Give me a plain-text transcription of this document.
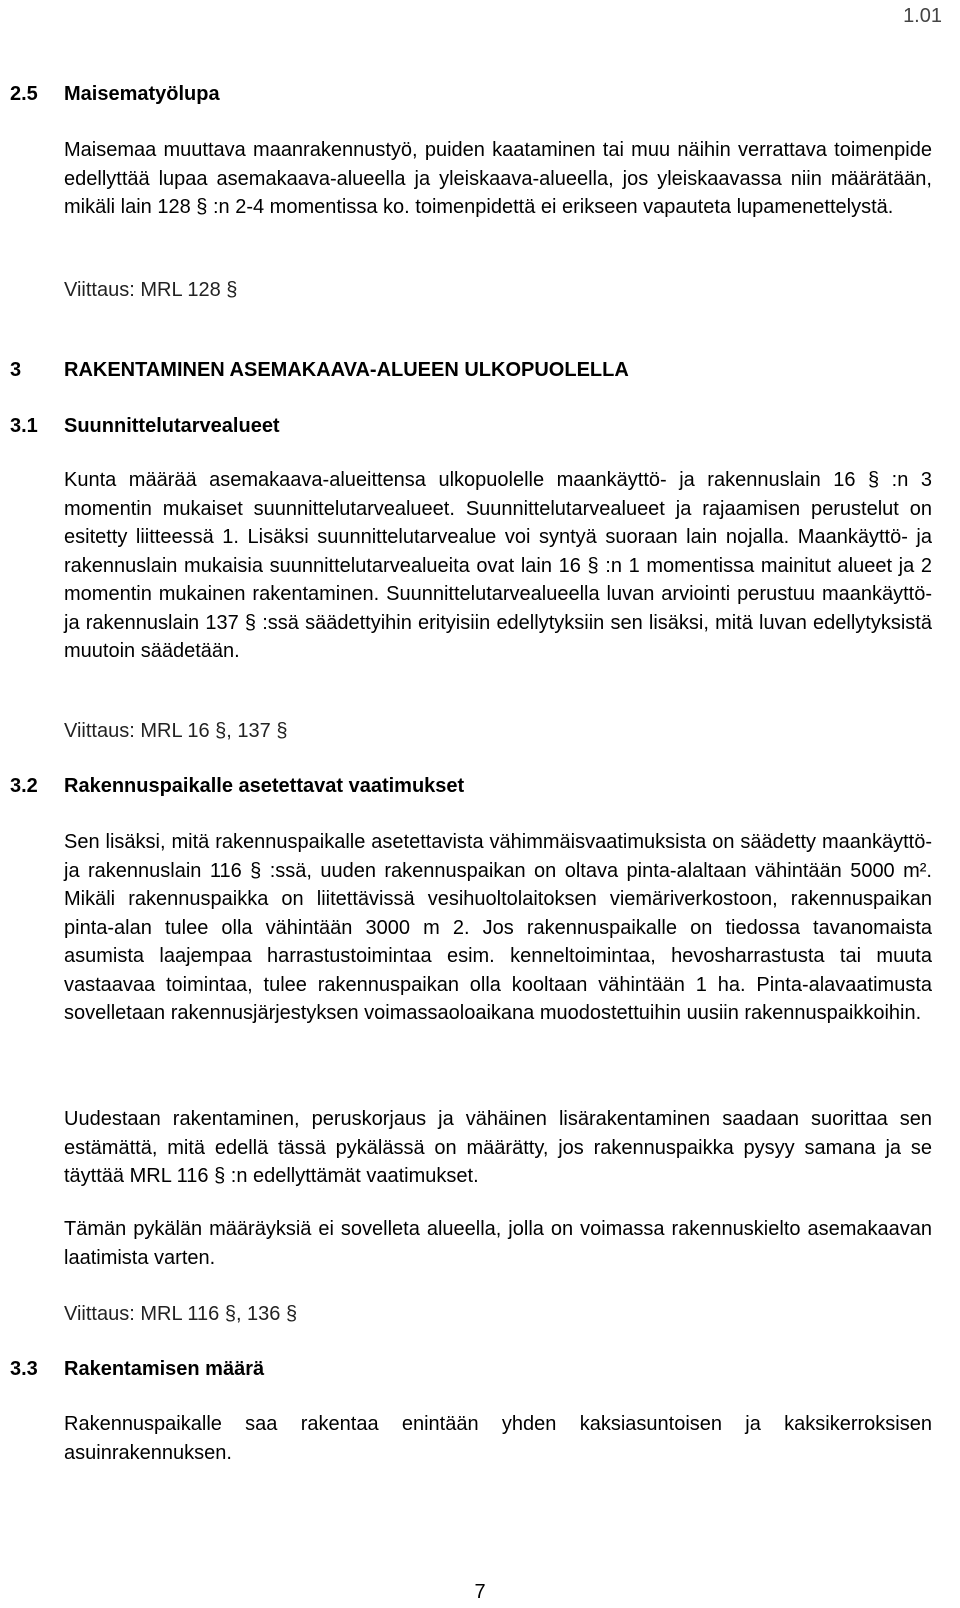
1.01
2.5 Maisematyölupa

Maisemaa muuttava maanrakennustyö, puiden kaataminen tai muu näihin verrattava toimenpide edellyttää lupaa asemakaava-alueella ja yleiskaava-alueella, jos yleiskaavassa niin määrätään, mikäli lain 128 § :n 2-4 momentissa ko. toimenpidettä ei erikseen vapauteta lupamenettelystä.

Viittaus: MRL 128 §
3 RAKENTAMINEN ASEMAKAAVA-ALUEEN ULKOPUOLELLA
3.1 Suunnittelutarvealueet

Kunta määrää asemakaava-alueittensa ulkopuolelle maankäyttö- ja rakennuslain 16 § :n 3 momentin mukaiset suunnittelutarvealueet. Suunnittelutarvealueet ja rajaamisen perustelut on esitetty liitteessä 1. Lisäksi suunnittelutarvealue voi syntyä suoraan lain nojalla. Maankäyttö- ja rakennuslain mukaisia suunnittelutarvealueita ovat lain 16 § :n 1 momentissa mainitut alueet ja 2 momentin mukainen rakentaminen. Suunnittelutarvealueella luvan arviointi perustuu maankäyttö- ja rakennuslain 137 § :ssä säädettyihin erityisiin edellytyksiin sen lisäksi, mitä luvan edellytyksistä muutoin säädetään.

Viittaus: MRL 16 §, 137 §
3.2 Rakennuspaikalle asetettavat vaatimukset

Sen lisäksi, mitä rakennuspaikalle asetettavista vähimmäisvaatimuksista on säädetty maankäyttö- ja rakennuslain 116 § :ssä, uuden rakennuspaikan on oltava pinta-alaltaan vähintään 5000 m². Mikäli rakennuspaikka on liitettävissä vesihuoltolaitoksen viemäriverkostoon, rakennuspaikan pinta-alan tulee olla vähintään 3000 m 2. Jos rakennuspaikalle on tiedossa tavanomaista asumista laajempaa harrastustoimintaa esim. kenneltoimintaa, hevosharrastusta tai muuta vastaavaa toimintaa, tulee rakennuspaikan olla kooltaan vähintään 1 ha. Pinta-alavaatimusta sovelletaan rakennusjärjestyksen voimassaoloaikana muodostettuihin uusiin rakennuspaikkoihin.

Uudestaan rakentaminen, peruskorjaus ja vähäinen lisärakentaminen saadaan suorittaa sen estämättä, mitä edellä tässä pykälässä on määrätty, jos rakennuspaikka pysyy samana ja se täyttää MRL 116 § :n edellyttämät vaatimukset.

Tämän pykälän määräyksiä ei sovelleta alueella, jolla on voimassa rakennuskielto asemakaavan laatimista varten.

Viittaus: MRL 116 §, 136 §
3.3 Rakentamisen määrä

Rakennuspaikalle saa rakentaa enintään yhden kaksiasuntoisen ja kaksikerroksisen asuinrakennuksen.

7
